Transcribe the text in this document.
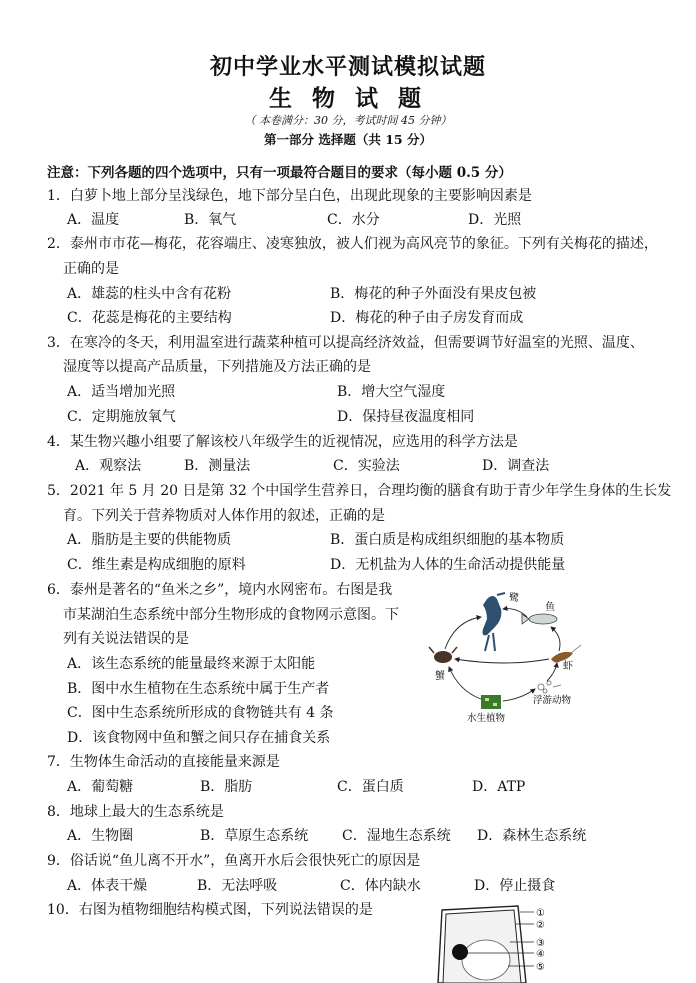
初中学业水平测试模拟试题
生 物 试 题
（ 本卷满分：30 分，考试时间 45 分钟）
第一部分 选择题（共 15 分）
注意：下列各题的四个选项中，只有一项最符合题目的要求（每小题 0.5 分）
1．白萝卜地上部分呈浅绿色，地下部分呈白色，出现此现象的主要影响因素是
A．温度	B．氧气	C．水分	D．光照
2．泰州市市花—梅花，花容端庄、凌寒独放，被人们视为高风亮节的象征。下列有关梅花的描述，
正确的是
A．雄蕊的柱头中含有花粉	B．梅花的种子外面没有果皮包被
C．花蕊是梅花的主要结构	D．梅花的种子由子房发育而成
3．在寒冷的冬天，利用温室进行蔬菜种植可以提高经济效益，但需要调节好温室的光照、温度、
湿度等以提高产品质量，下列措施及方法正确的是
A．适当增加光照	B．增大空气湿度
C．定期施放氧气	D．保持昼夜温度相同
4．某生物兴趣小组要了解该校八年级学生的近视情况，应选用的科学方法是
A．观察法	B．测量法	C．实验法	D．调查法
5．2021 年 5 月 20 日是第 32 个中国学生营养日，合理均衡的膳食有助于青少年学生身体的生长发
育。下列关于营养物质对人体作用的叙述，正确的是
A．脂肪是主要的供能物质	B．蛋白质是构成组织细胞的基本物质
C．维生素是构成细胞的原料	D．无机盐为人体的生命活动提供能量
6．泰州是著名的“鱼米之乡”，境内水网密布。右图是我
市某湖泊生态系统中部分生物形成的食物网示意图。下
列有关说法错误的是
A．该生态系统的能量最终来源于太阳能
B．图中水生植物在生态系统中属于生产者
C．图中生态系统所形成的食物链共有 4 条
D．该食物网中鱼和蟹之间只存在捕食关系
鹭
鱼
虾
浮游动物
水生植物
蟹
7．生物体生命活动的直接能量来源是
A．葡萄糖	B．脂肪	C．蛋白质	D．ATP
8．地球上最大的生态系统是
A．生物圈	B．草原生态系统 C．湿地生态系统 D．森林生态系统
9．俗话说“鱼儿离不开水”，鱼离开水后会很快死亡的原因是
A．体表干燥	B．无法呼吸	C．体内缺水	D．停止摄食
10．右图为植物细胞结构模式图，下列说法错误的是	①
②
③
④
⑤
